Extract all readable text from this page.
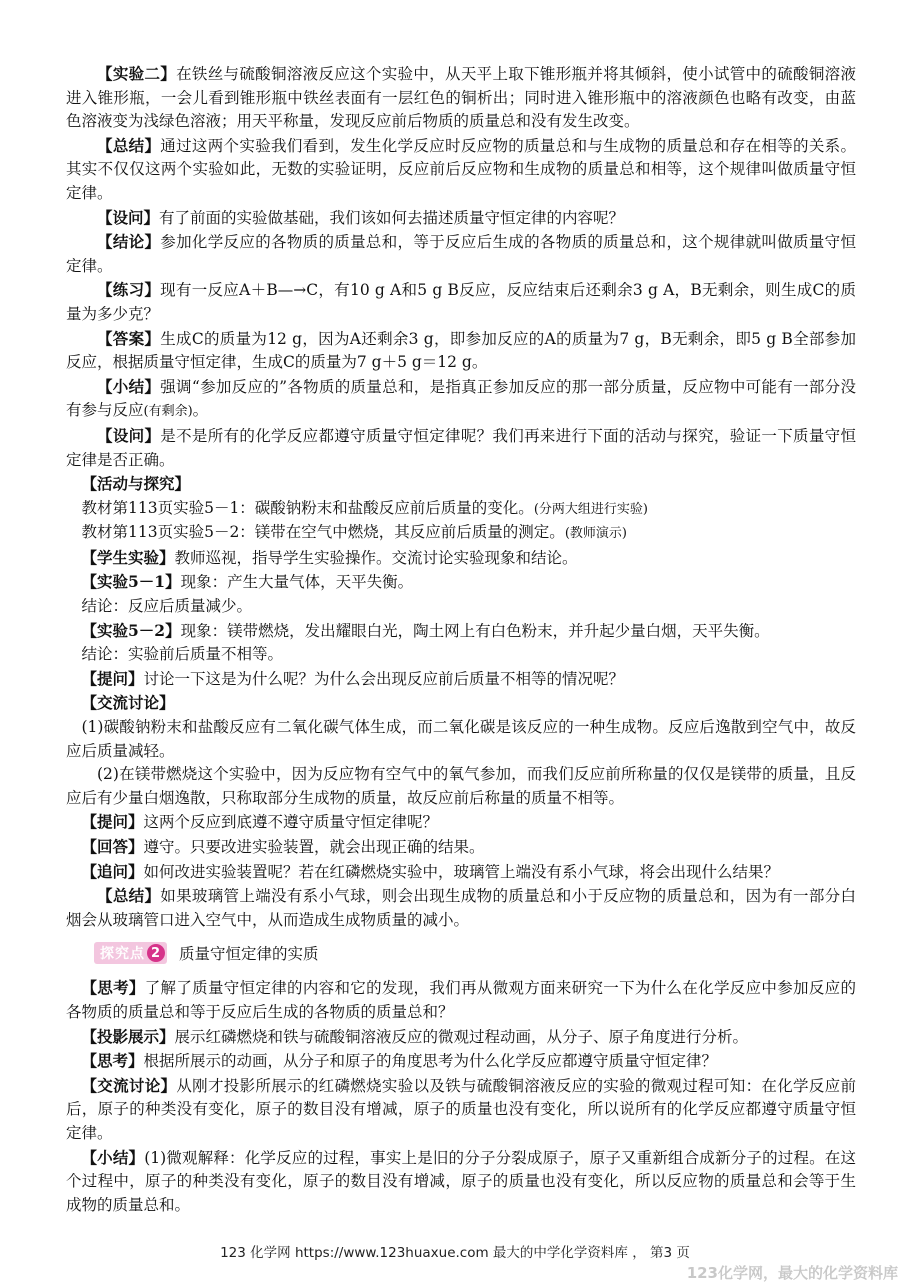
【实验二】在铁丝与硫酸铜溶液反应这个实验中，从天平上取下锥形瓶并将其倾斜，使小试管中的硫酸铜溶液进入锥形瓶，一会儿看到锥形瓶中铁丝表面有一层红色的铜析出；同时进入锥形瓶中的溶液颜色也略有改变，由蓝色溶液变为浅绿色溶液；用天平称量，发现反应前后物质的质量总和没有发生改变。

【总结】通过这两个实验我们看到，发生化学反应时反应物的质量总和与生成物的质量总和存在相等的关系。其实不仅仅这两个实验如此，无数的实验证明，反应前后反应物和生成物的质量总和相等，这个规律叫做质量守恒定律。

【设问】有了前面的实验做基础，我们该如何去描述质量守恒定律的内容呢？

【结论】参加化学反应的各物质的质量总和，等于反应后生成的各物质的质量总和，这个规律就叫做质量守恒定律。

【练习】现有一反应A＋B—→C，有10 g A和5 g B反应，反应结束后还剩余3 g A，B无剩余，则生成C的质量为多少克？

【答案】生成C的质量为12 g，因为A还剩余3 g，即参加反应的A的质量为7 g，B无剩余，即5 g B全部参加反应，根据质量守恒定律，生成C的质量为7 g＋5 g＝12 g。

【小结】强调“参加反应的”各物质的质量总和，是指真正参加反应的那一部分质量，反应物中可能有一部分没有参与反应(有剩余)。

【设问】是不是所有的化学反应都遵守质量守恒定律呢？我们再来进行下面的活动与探究，验证一下质量守恒定律是否正确。

【活动与探究】

教材第113页实验5－1：碳酸钠粉末和盐酸反应前后质量的变化。(分两大组进行实验)

教材第113页实验5－2：镁带在空气中燃烧，其反应前后质量的测定。(教师演示)

【学生实验】教师巡视，指导学生实验操作。交流讨论实验现象和结论。

【实验5－1】现象：产生大量气体，天平失衡。

结论：反应后质量减少。

【实验5－2】现象：镁带燃烧，发出耀眼白光，陶土网上有白色粉末，并升起少量白烟，天平失衡。

结论：实验前后质量不相等。

【提问】讨论一下这是为什么呢？为什么会出现反应前后质量不相等的情况呢？

【交流讨论】

(1)碳酸钠粉末和盐酸反应有二氧化碳气体生成，而二氧化碳是该反应的一种生成物。反应后逸散到空气中，故反应后质量减轻。

(2)在镁带燃烧这个实验中，因为反应物有空气中的氧气参加，而我们反应前所称量的仅仅是镁带的质量，且反应后有少量白烟逸散，只称取部分生成物的质量，故反应前后称量的质量不相等。

【提问】这两个反应到底遵不遵守质量守恒定律呢？

【回答】遵守。只要改进实验装置，就会出现正确的结果。

【追问】如何改进实验装置呢？若在红磷燃烧实验中，玻璃管上端没有系小气球，将会出现什么结果？

【总结】如果玻璃管上端没有系小气球，则会出现生成物的质量总和小于反应物的质量总和，因为有一部分白烟会从玻璃管口进入空气中，从而造成生成物质量的减小。

探究点 2 质量守恒定律的实质

【思考】了解了质量守恒定律的内容和它的发现，我们再从微观方面来研究一下为什么在化学反应中参加反应的各物质的质量总和等于反应后生成的各物质的质量总和？

【投影展示】展示红磷燃烧和铁与硫酸铜溶液反应的微观过程动画，从分子、原子角度进行分析。

【思考】根据所展示的动画，从分子和原子的角度思考为什么化学反应都遵守质量守恒定律？

【交流讨论】从刚才投影所展示的红磷燃烧实验以及铁与硫酸铜溶液反应的实验的微观过程可知：在化学反应前后，原子的种类没有变化，原子的数目没有增减，原子的质量也没有变化，所以说所有的化学反应都遵守质量守恒定律。

【小结】(1)微观解释：化学反应的过程，事实上是旧的分子分裂成原子，原子又重新组合成新分子的过程。在这个过程中，原子的种类没有变化，原子的数目没有增减，原子的质量也没有变化，所以反应物的质量总和会等于生成物的质量总和。

123 化学网 https://www.123huaxue.com 最大的中学化学资料库 ， 第3 页
123化学网，最大的化学资料库
